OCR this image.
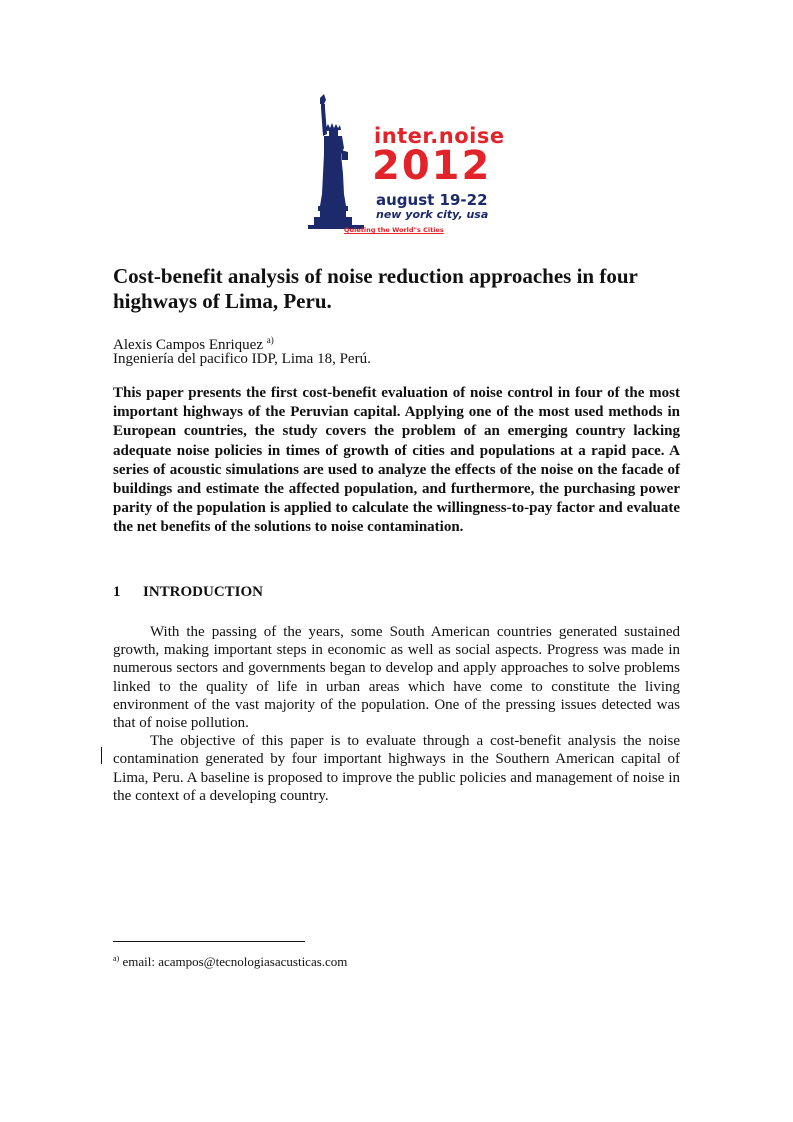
inter.noise
2012
august 19-22
new york city, usa
Quieting the World"s Cities
Cost-benefit analysis of noise reduction approaches in four highways of Lima, Peru.
Alexis Campos Enriquez $^{a)}$
Ingeniería del pacifico IDP, Lima 18, Perú.

This paper presents the first cost-benefit evaluation of noise control in four of the most important highways of the Peruvian capital. Applying one of the most used methods in European countries, the study covers the problem of an emerging country lacking adequate noise policies in times of growth of cities and populations at a rapid pace. A series of acoustic simulations are used to analyze the effects of the noise on the facade of buildings and estimate the affected population, and furthermore, the purchasing power parity of the population is applied to calculate the willingness-to-pay factor and evaluate the net benefits of the solutions to noise contamination.

1 INTRODUCTION

With the passing of the years, some South American countries generated sustained growth, making important steps in economic as well as social aspects. Progress was made in numerous sectors and governments began to develop and apply approaches to solve problems linked to the quality of life in urban areas which have come to constitute the living environment of the vast majority of the population. One of the pressing issues detected was that of noise pollution.

The objective of this paper is to evaluate through a cost-benefit analysis the noise contamination generated by four important highways in the Southern American capital of Lima, Peru. A baseline is proposed to improve the public policies and management of noise in the context of a developing country.

$^{a)}$ email: acampos@tecnologiasacusticas.com
